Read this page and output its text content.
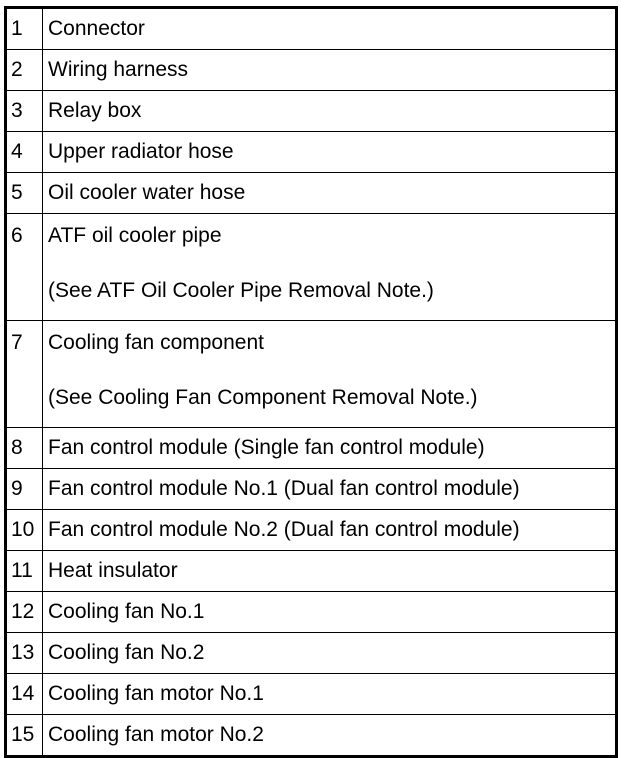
1	Connector
2	Wiring harness
3	Relay box
4	Upper radiator hose
5	Oil cooler water hose
6	ATF oil cooler pipe
(See ATF Oil Cooler Pipe Removal Note.)

7	Cooling fan component
(See Cooling Fan Component Removal Note.)

8	Fan control module (Single fan control module)
9	Fan control module No.1 (Dual fan control module)
10	Fan control module No.2 (Dual fan control module)
11	Heat insulator
12	Cooling fan No.1
13	Cooling fan No.2
14	Cooling fan motor No.1
15	Cooling fan motor No.2
